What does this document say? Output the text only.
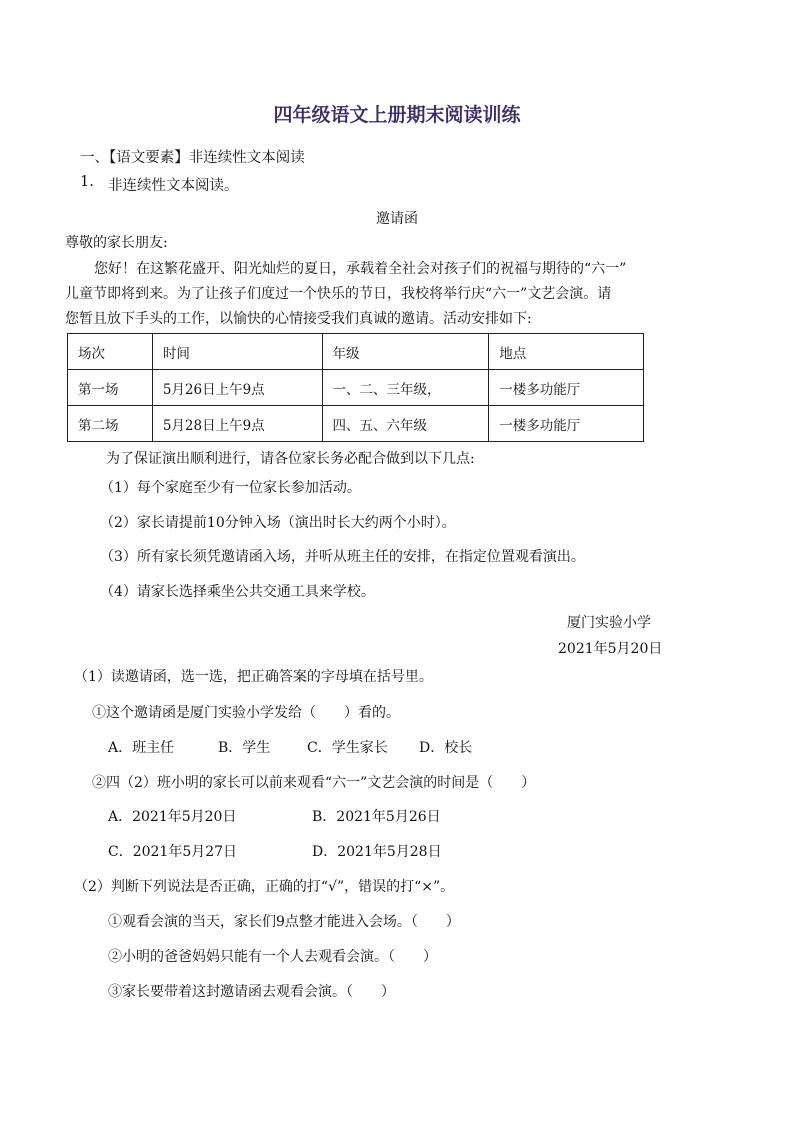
四年级语文上册期末阅读训练
一、【语文要素】非连续性文本阅读
1. 非连续性文本阅读。
邀请函
尊敬的家长朋友:
您好！在这繁花盛开、阳光灿烂的夏日，承载着全社会对孩子们的祝福与期待的“六一”
儿童节即将到来。为了让孩子们度过一个快乐的节日，我校将举行庆“六一”文艺会演。请
您暂且放下手头的工作，以愉快的心情接受我们真诚的邀请。活动安排如下:
场次	时间	年级	地点
第一场	5月26日上午9点	一、二、三年级，	一楼多功能厅
第二场	5月28日上午9点	四、五、六年级	一楼多功能厅
为了保证演出顺利进行，请各位家长务必配合做到以下几点:
（1）每个家庭至少有一位家长参加活动。
（2）家长请提前10分钟入场（演出时长大约两个小时）。
（3）所有家长须凭邀请函入场，并听从班主任的安排，在指定位置观看演出。
（4）请家长选择乘坐公共交通工具来学校。
厦门实验小学
2021年5月20日
（1）读邀请函，选一选，把正确答案的字母填在括号里。
①这个邀请函是厦门实验小学发给（　　）看的。
A．班主任	B．学生	C．学生家长 D．校长
②四（2）班小明的家长可以前来观看“六一”文艺会演的时间是（　　）
A．2021年5月20日	B．2021年5月26日
C．2021年5月27日	D．2021年5月28日
（2）判断下列说法是否正确，正确的打“√”，错误的打“×”。
①观看会演的当天，家长们9点整才能进入会场。（　　）
②小明的爸爸妈妈只能有一个人去观看会演。（　　）
③家长要带着这封邀请函去观看会演。（　　）
